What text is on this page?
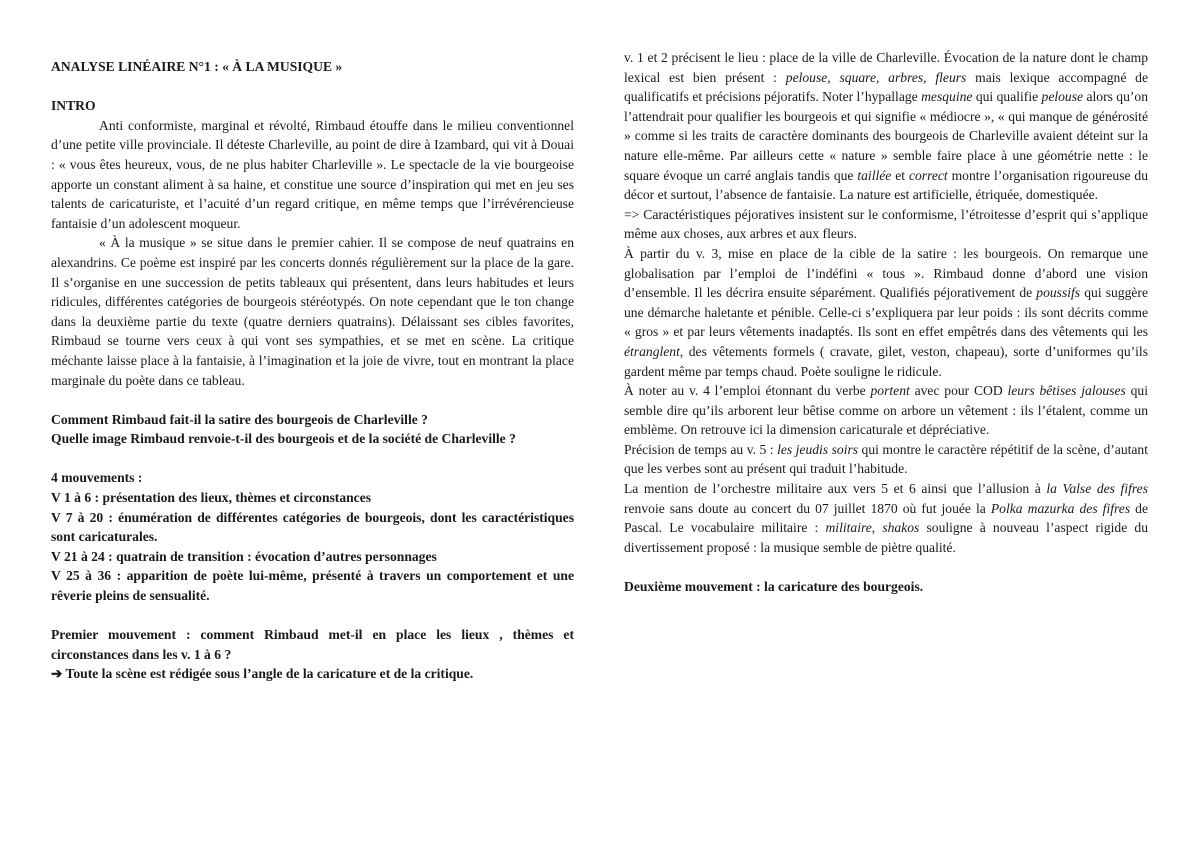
ANALYSE LINÉAIRE N°1 : « À LA MUSIQUE »

INTRO

Anti conformiste, marginal et révolté, Rimbaud étouffe dans le milieu conventionnel d’une petite ville provinciale. Il déteste Charleville, au point de dire à Izambard, qui vit à Douai : « vous êtes heureux, vous, de ne plus habiter Charleville ». Le spectacle de la vie bourgeoise apporte un constant aliment à sa haine, et constitue une source d’inspiration qui met en jeu ses talents de caricaturiste, et l’acuité d’un regard critique, en même temps que l’irrévérencieuse fantaisie d’un adolescent moqueur.

« À la musique » se situe dans le premier cahier. Il se compose de neuf quatrains en alexandrins. Ce poème est inspiré par les concerts donnés régulièrement sur la place de la gare. Il s’organise en une succession de petits tableaux qui présentent, dans leurs habitudes et leurs ridicules, différentes catégories de bourgeois stéréotypés. On note cependant que le ton change dans la deuxième partie du texte (quatre derniers quatrains). Délaissant ses cibles favorites, Rimbaud se tourne vers ceux à qui vont ses sympathies, et se met en scène. La critique méchante laisse place à la fantaisie, à l’imagination et la joie de vivre, tout en montrant la place marginale du poète dans ce tableau.

Comment Rimbaud fait-il la satire des bourgeois de Charleville ?

Quelle image Rimbaud renvoie-t-il des bourgeois et de la société de Charleville ?

4 mouvements :

V 1 à 6 : présentation des lieux, thèmes et circonstances

V 7 à 20 : énumération de différentes catégories de bourgeois, dont les caractéristiques sont caricaturales.

V 21 à 24 : quatrain de transition : évocation d’autres personnages

V 25 à 36 : apparition de poète lui-même, présenté à travers un comportement et une rêverie pleins de sensualité.

Premier mouvement : comment Rimbaud met-il en place les lieux , thèmes et circonstances dans les v. 1 à 6 ?

➔ Toute la scène est rédigée sous l’angle de la caricature et de la critique.

v. 1 et 2 précisent le lieu : place de la ville de Charleville. Évocation de la nature dont le champ lexical est bien présent : pelouse, square, arbres, fleurs mais lexique accompagné de qualificatifs et précisions péjoratifs. Noter l’hypallage mesquine qui qualifie pelouse alors qu’on l’attendrait pour qualifier les bourgeois et qui signifie « médiocre », « qui manque de générosité » comme si les traits de caractère dominants des bourgeois de Charleville avaient déteint sur la nature elle-même. Par ailleurs cette « nature » semble faire place à une géométrie nette : le square évoque un carré anglais tandis que taillée et correct montre l’organisation rigoureuse du décor et surtout, l’absence de fantaisie. La nature est artificielle, étriquée, domestiquée.

=> Caractéristiques péjoratives insistent sur le conformisme, l’étroitesse d’esprit qui s’applique même aux choses, aux arbres et aux fleurs.

À partir du v. 3, mise en place de la cible de la satire : les bourgeois. On remarque une globalisation par l’emploi de l’indéfini « tous ». Rimbaud donne d’abord une vision d’ensemble. Il les décrira ensuite séparément. Qualifiés péjorativement de poussifs qui suggère une démarche haletante et pénible. Celle-ci s’expliquera par leur poids : ils sont décrits comme « gros » et par leurs vêtements inadaptés. Ils sont en effet empêtrés dans des vêtements qui les étranglent, des vêtements formels ( cravate, gilet, veston, chapeau), sorte d’uniformes qu’ils gardent même par temps chaud. Poète souligne le ridicule.

À noter au v. 4 l’emploi étonnant du verbe portent avec pour COD leurs bêtises jalouses qui semble dire qu’ils arborent leur bêtise comme on arbore un vêtement : ils l’étalent, comme un emblème. On retrouve ici la dimension caricaturale et dépréciative.

Précision de temps au v. 5 : les jeudis soirs qui montre le caractère répétitif de la scène, d’autant que les verbes sont au présent qui traduit l’habitude.

La mention de l’orchestre militaire aux vers 5 et 6 ainsi que l’allusion à la Valse des fifres renvoie sans doute au concert du 07 juillet 1870 où fut jouée la Polka mazurka des fifres de Pascal. Le vocabulaire militaire : militaire, shakos souligne à nouveau l’aspect rigide du divertissement proposé : la musique semble de piètre qualité.

Deuxième mouvement : la caricature des bourgeois.
